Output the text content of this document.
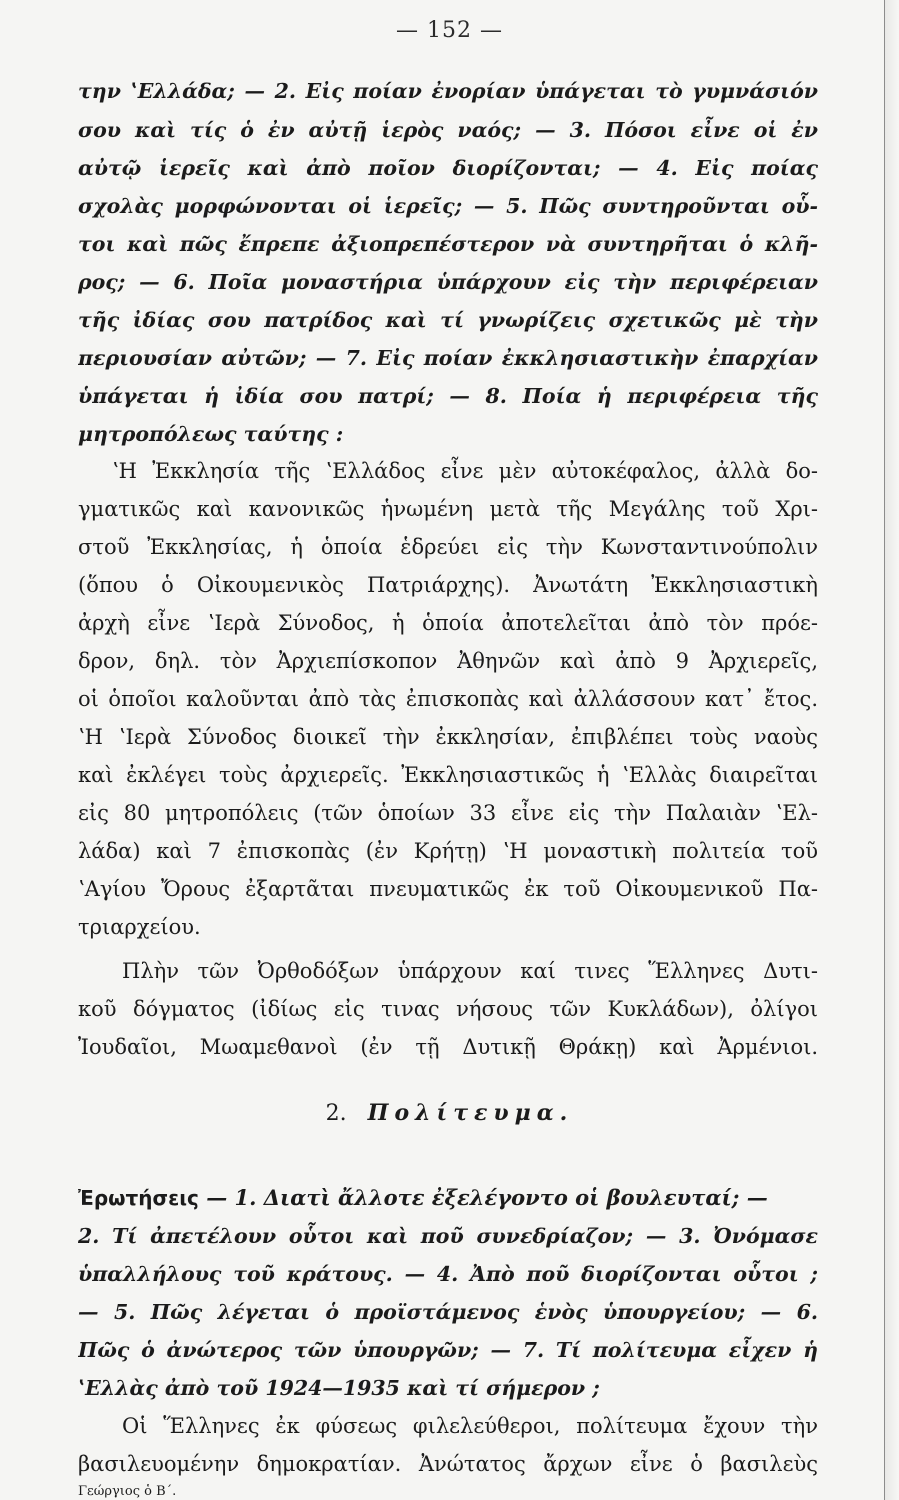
— 152 —
την ʽΕλλάδα; — 2. Εἰς ποίαν ἐνορίαν ὑπάγεται τὸ γυμνάσιόν
σου καὶ τίς ὁ ἐν αὐτῇ ἱερὸς ναός; — 3. Πόσοι εἶνε οἱ ἐν
αὐτῷ ἱερεῖς καὶ ἀπὸ ποῖον διορίζονται; — 4. Εἰς ποίας
σχολὰς μορφώνονται οἱ ἱερεῖς; — 5. Πῶς συντηροῦνται οὗ-
τοι καὶ πῶς ἔπρεπε ἀξιοπρεπέστερον νὰ συντηρῆται ὁ κλῆ-
ρος; — 6. Ποῖα μοναστήρια ὑπάρχουν εἰς τὴν περιφέρειαν
τῆς ἰδίας σου πατρίδος καὶ τί γνωρίζεις σχετικῶς μὲ τὴν
περιουσίαν αὐτῶν; — 7. Εἰς ποίαν ἐκκλησιαστικὴν ἐπαρχίαν
ὑπάγεται ἡ ἰδία σου πατρί; — 8. Ποία ἡ περιφέρεια τῆς
μητροπόλεως ταύτης :
ʽΗ Ἐκκλησία τῆς ʽΕλλάδος εἶνε μὲν αὐτοκέφαλος, ἀλλὰ δο-
γματικῶς καὶ κανονικῶς ἡνωμένη μετὰ τῆς Μεγάλης τοῦ Χρι-
στοῦ Ἐκκλησίας, ἡ ὁποία ἑδρεύει εἰς τὴν Κωνσταντινούπολιν
(ὅπου ὁ Οἰκουμενικὸς Πατριάρχης). Ἀνωτάτη Ἐκκλησιαστικὴ
ἀρχὴ εἶνε ʽΙερὰ Σύνοδος, ἡ ὁποία ἀποτελεῖται ἀπὸ τὸν πρόε-
δρον, δηλ. τὸν Ἀρχιεπίσκοπον Ἀθηνῶν καὶ ἀπὸ 9 Ἀρχιερεῖς,
οἱ ὁποῖοι καλοῦνται ἀπὸ τὰς ἐπισκοπὰς καὶ ἀλλάσσουν κατ᾽ ἔτος.
ʽΗ ʽΙερὰ Σύνοδος διοικεῖ τὴν ἐκκλησίαν, ἐπιβλέπει τοὺς ναοὺς
καὶ ἐκλέγει τοὺς ἀρχιερεῖς. Ἐκκλησιαστικῶς ἡ ʽΕλλὰς διαιρεῖται
εἰς 80 μητροπόλεις (τῶν ὁποίων 33 εἶνε εἰς τὴν Παλαιὰν ʽΕλ-
λάδα) καὶ 7 ἐπισκοπὰς (ἐν Κρήτῃ) ʽΗ μοναστικὴ πολιτεία τοῦ
ʽΑγίου Ὄρους ἐξαρτᾶται πνευματικῶς ἐκ τοῦ Οἰκουμενικοῦ Πα-
τριαρχείου.
Πλὴν τῶν Ὀρθοδόξων ὑπάρχουν καί τινες Ἕλληνες Δυτι-
κοῦ δόγματος (ἰδίως εἰς τινας νήσους τῶν Κυκλάδων), ὀλίγοι
Ἰουδαῖοι, Μωαμεθανοὶ (ἐν τῇ Δυτικῇ Θράκῃ) καὶ Ἀρμένιοι.
2. Πολίτευμα.
Ἐρωτήσεις — 1. Διατὶ ἄλλοτε ἐξελέγοντο οἱ βουλευταί; —
2. Τί ἀπετέλουν οὗτοι καὶ ποῦ συνεδρίαζον; — 3. Ὀνόμασε
ὑπαλλήλους τοῦ κράτους. — 4. Ἀπὸ ποῦ διορίζονται οὗτοι ;
— 5. Πῶς λέγεται ὁ προϊστάμενος ἑνὸς ὑπουργείου; — 6.
Πῶς ὁ ἀνώτερος τῶν ὑπουργῶν; — 7. Τί πολίτευμα εἶχεν ἡ
ʽΕλλὰς ἀπὸ τοῦ 1924—1935 καὶ τί σήμερον ;
Οἱ Ἕλληνες ἐκ φύσεως φιλελεύθεροι, πολίτευμα ἔχουν τὴν
βασιλευομένην δημοκρατίαν. Ἀνώτατος ἄρχων εἶνε ὁ βασιλεὺς
Γεώργιος ὁ Β΄.
